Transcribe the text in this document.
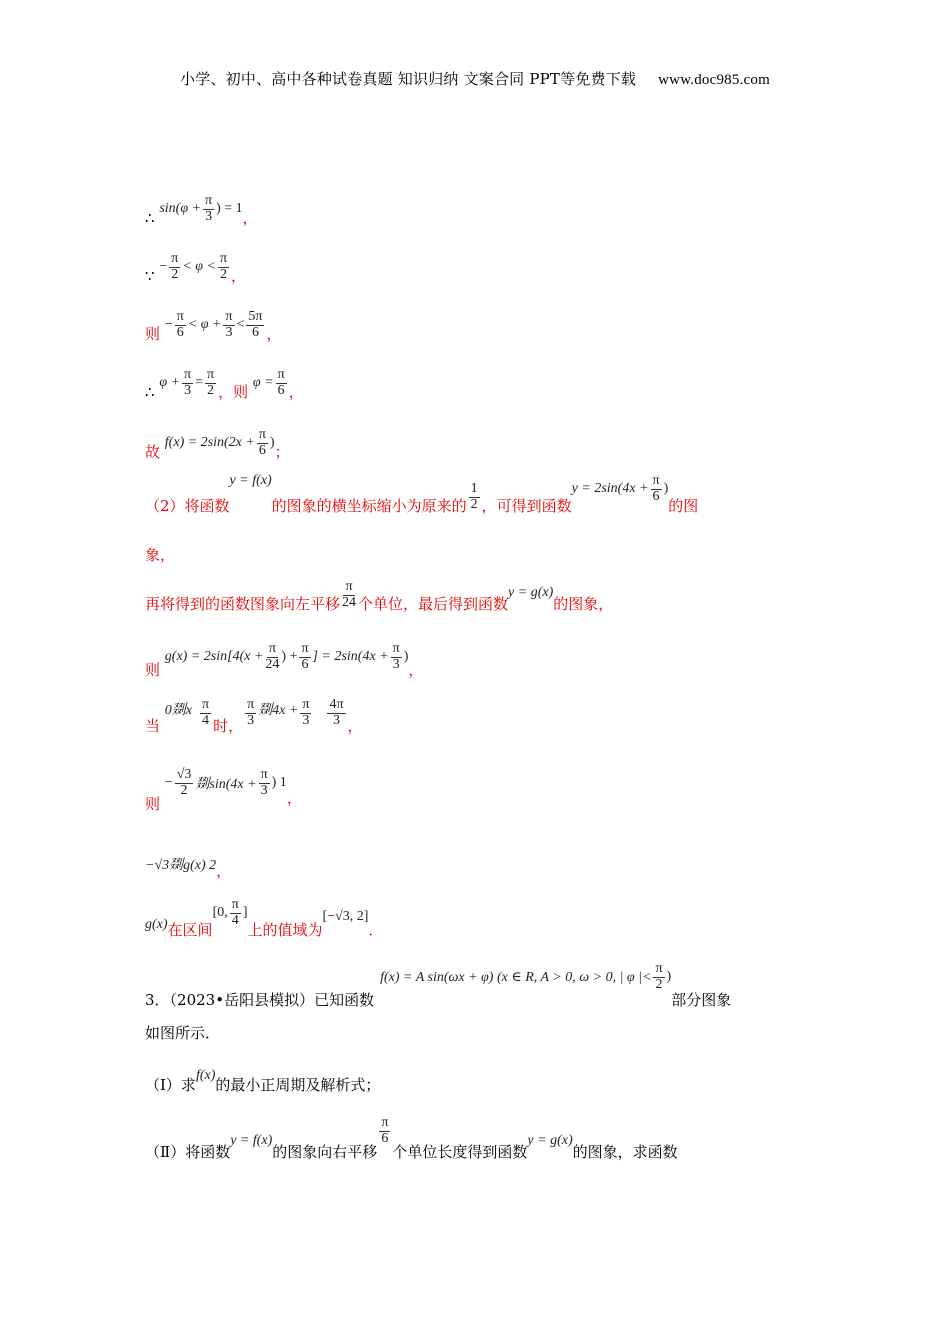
小学、初中、高中各种试卷真题 知识归纳 文案合同 PPT等免费下载 www.doc985.com
∴ $\sin(\varphi + \frac{\pi}{3}$ ) = 1，
∵ − $\frac{\pi}{2} < \varphi < \frac{\pi}{2}$ ，
则 − $\frac{\pi}{6} < \varphi + \frac{\pi}{3} < \frac{5\pi}{6}$ ，
∴ $\varphi + \frac{\pi}{3} = \frac{\pi}{2}$ ，则 $\varphi = \frac{\pi}{6}$ ，
故 $f(x) = 2\sin(2x + \frac{\pi}{6}$ )；
（2）将函数y = f(x)的图象的横坐标缩小为原来的 $\frac{1}{2}$ ，可得到函数$y = 2\sin(4x + \frac{\pi}{6}$ )的图
象，
再将得到的函数图象向左平移 $\frac{\pi}{24}$ 个单位，最后得到函数y = g(x)的图象，
则 $g(x) = 2\sin[4(x + \frac{\pi}{24}$ ) + $\frac{\pi}{6}$ ] = $2\sin(4x + \frac{\pi}{3}$ )，
当 0剟x $\frac{\pi}{4}$ 时， $\frac{\pi}{3}$ 剟$4x + \frac{\pi}{3} \frac{4\pi}{3}$ ，
则 − $\frac{√3}{2}$ 剟$\sin(4x + \frac{\pi}{3}$ ) 1，
−√3剟g(x) 2，
g(x)在区间[0, $\frac{\pi}{4}$ ]上的值域为[−√3, 2]．
3．（2023•岳阳县模拟）已知函数f(x) = A sin(ωx + φ) (x ∈ R, A > 0, ω > 0, | φ |< $\frac{\pi}{2}$ )部分图象
如图所示．
（Ⅰ）求f(x)的最小正周期及解析式；
（Ⅱ）将函数y = f(x)的图象向右平移
$\frac{\pi}{6}$
个单位长度得到函数y = g(x)的图象，求函数
